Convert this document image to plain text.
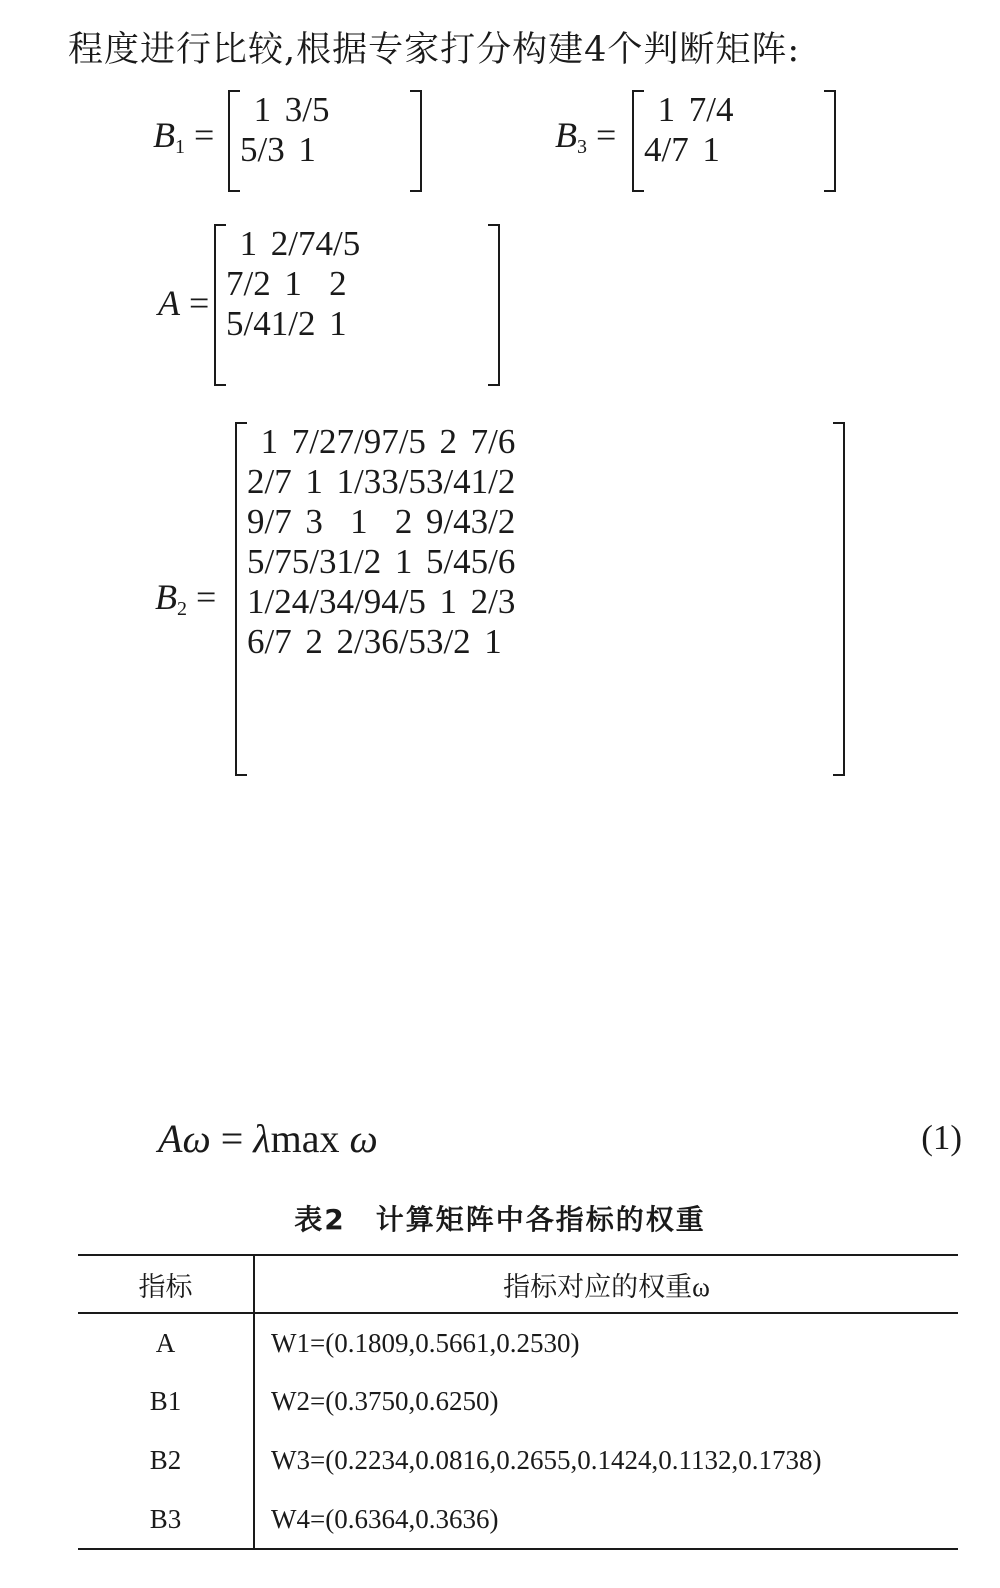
程度进行比较,根据专家打分构建4个判断矩阵:
$B_1$ =
1	3/5
5/3	1	$B_3$ =
1	7/4
4/7	1
A =
1	2/7	4/5
7/2	1	2
5/4	1/2	1
$B_2$ =
1	7/2	7/9	7/5	2	7/6
2/7	1	1/3	3/5	3/4	1/2
9/7	3	1	2	9/4	3/2
5/7	5/3	1/2	1	5/4	5/6
1/2	4/3	4/9	4/5	1	2/3
6/7	2	2/3	6/5	3/2	1
Aω = λmax ω	(1)
表2　计算矩阵中各指标的权重
指标	指标对应的权重ω
A	W1=(0.1809,0.5661,0.2530)
B1	W2=(0.3750,0.6250)
B2	W3=(0.2234,0.0816,0.2655,0.1424,0.1132,0.1738)
B3	W4=(0.6364,0.3636)
